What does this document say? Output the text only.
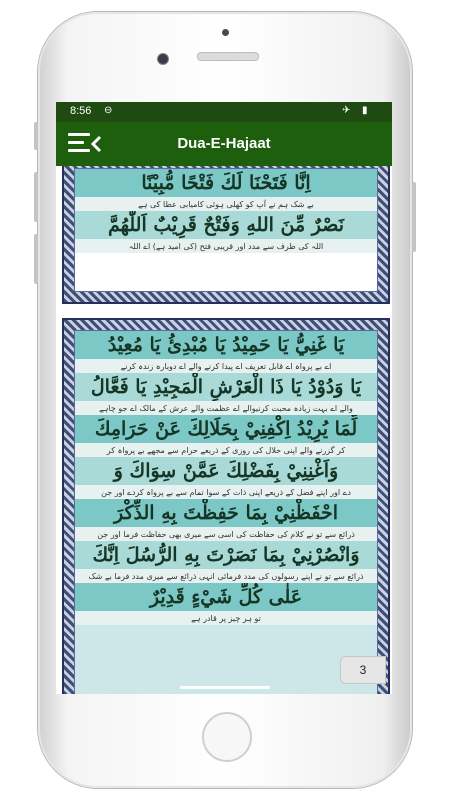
8:56 ⊖	✈ ▮
Dua-E-Hajaat
اِنَّا فَتَحْنَا لَكَ فَتْحًا مُّبِيْنًا
بے شک ہم نے آپ کو کھلی ہوئی کامیابی عطا کی ہے
نَصْرٌ مِّنَ اللهِ وَفَتْحٌ قَرِيْبٌ اَللّٰهُمَّ
اللہ کی طرف سے مدد اور قریبی فتح (کی امید ہے) اے اللہ
يَا غَنِيُّ يَا حَمِيْدُ يَا مُبْدِئُ يَا مُعِيْدُ
اے بے پرواہ اے قابل تعریف اے پیدا کرنے والے اے دوبارہ زندہ کرنے
يَا وَدُوْدُ يَا ذَا الْعَرْشِ الْمَجِيْدِ يَا فَعَّالُ
والے اے بہت زیادہ محبت کرنیوالے اے عظمت والے عرش کے مالک اے جو چاہے
لِّمَا يُرِيْدُ اِكْفِنِيْ بِحَلَالِكَ عَنْ حَرَامِكَ
کر گزرنے والے اپنی حلال کی روزی کے ذریعے حرام سے مجھے بے پرواہ کر
وَاَغْنِنِيْ بِفَضْلِكَ عَمَّنْ سِوَاكَ وَ
دے اور اپنے فضل کے ذریعے اپنی ذات کے سوا تمام سے بے پرواہ کردے اور جن
احْفَظْنِيْ بِمَا حَفِظْتَ بِهِ الذِّكْرَ
ذرائع سے تو نے کلام کی حفاظت کی اسی سے میری بھی حفاظت فرما اور جن
وَانْصُرْنِيْ بِمَا نَصَرْتَ بِهِ الرُّسُلَ اِنَّكَ
ذرائع سے تو نے اپنے رسولوں کی مدد فرمائی انہی ذرائع سے میری مدد فرما بے شک
عَلٰى كُلِّ شَيْءٍ قَدِيْرٌ
تو ہر چیز پر قادر ہے
3
